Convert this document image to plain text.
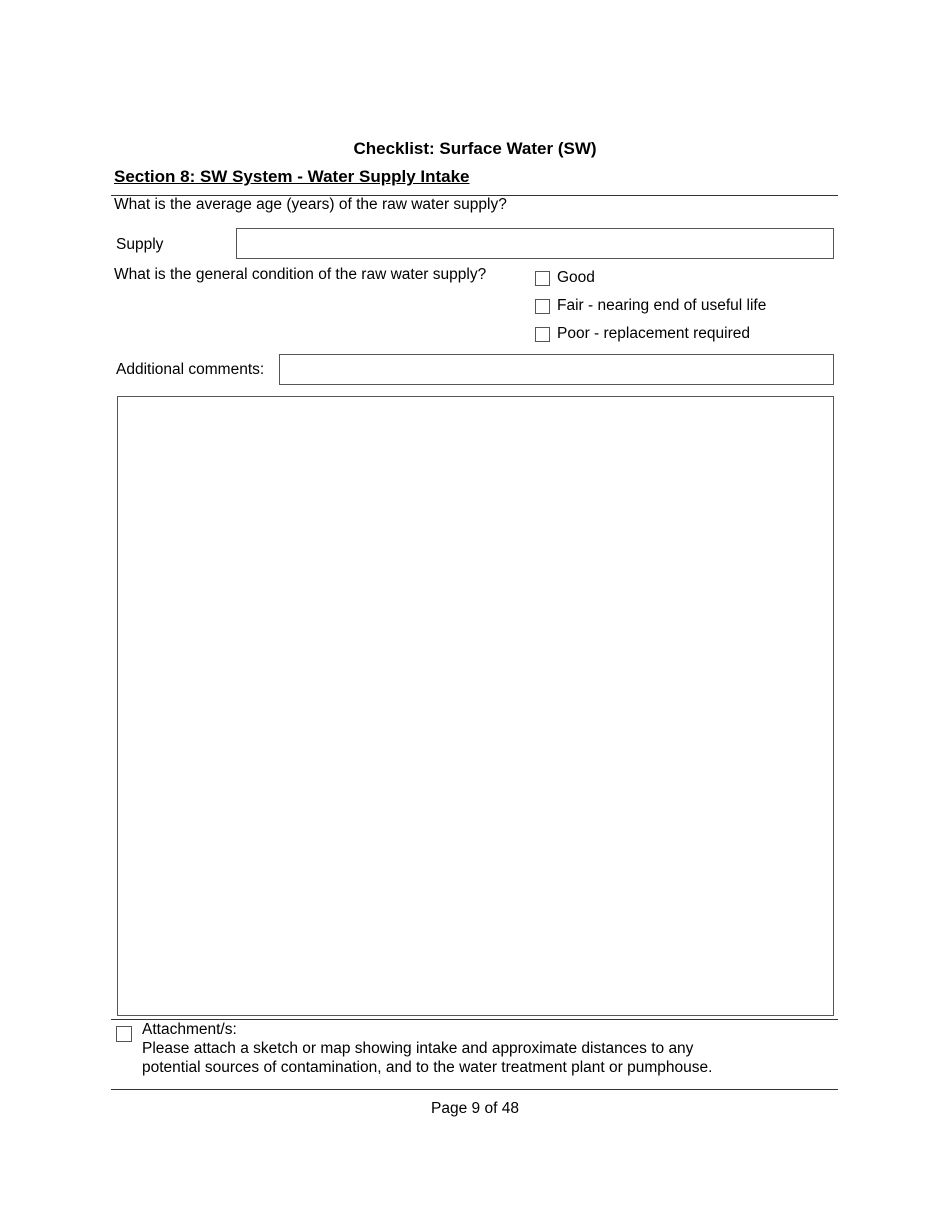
Checklist: Surface Water (SW)
Section 8: SW System - Water Supply Intake
What is the average age (years) of the raw water supply?
Supply
What is the general condition of the raw water supply?	Good
Fair - nearing end of useful life
Poor - replacement required
Additional comments:
Attachment/s:
Please attach a sketch or map showing intake and approximate distances to any
potential sources of contamination, and to the water treatment plant or pumphouse.
Page 9 of 48
